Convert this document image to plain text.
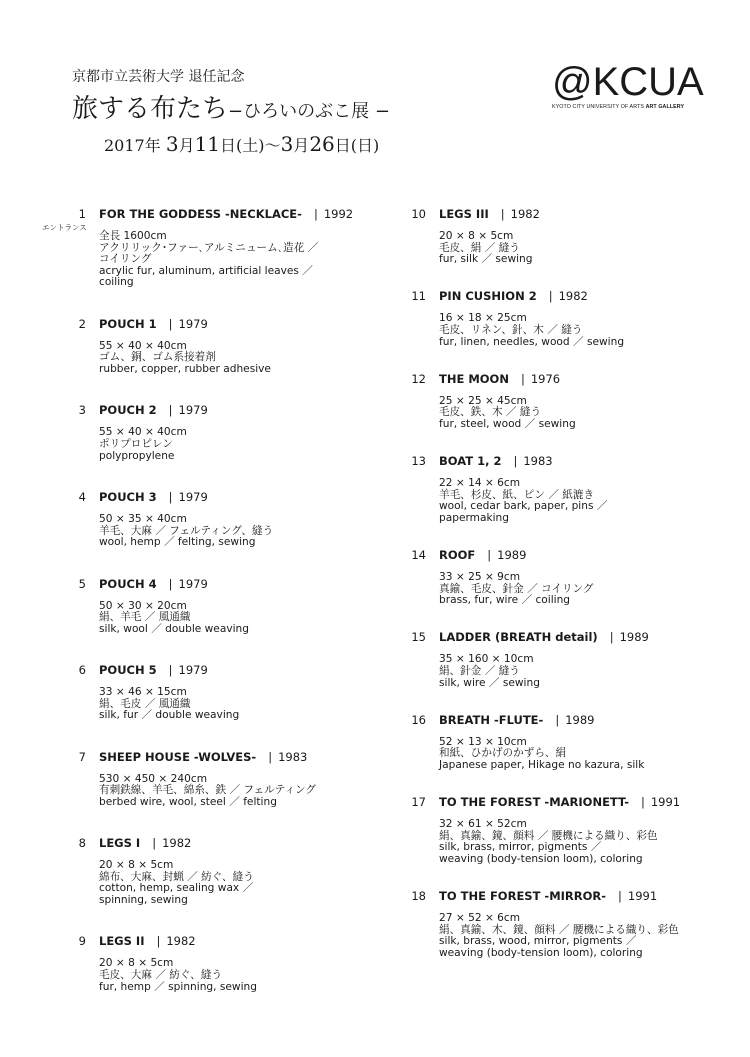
京都市立芸術大学 退任記念
旅する布たち−ひろいのぶこ展 −
2017年 3月11日(土)〜3月26日(日)
@KCUA
KYOTO CITY UNIVERSITY OF ARTS ART GALLERY
1
エントランス
FOR THE GODDESS -NECKLACE- | 1992
全長 1600cm
アクリリック･ファー､アルミニューム､造花 ／
コイリング
acrylic fur, aluminum, artificial leaves ／
coiling
2 POUCH 1 | 1979
55 × 40 × 40cm
ゴム、銅、ゴム系接着剤
rubber, copper, rubber adhesive
3 POUCH 2 | 1979
55 × 40 × 40cm
ポリプロピレン
polypropylene
4 POUCH 3 | 1979
50 × 35 × 40cm
羊毛、大麻 ／ フェルティング、縫う
wool, hemp ／ felting, sewing
5 POUCH 4 | 1979
50 × 30 × 20cm
絹、羊毛 ／ 風通織
silk, wool ／ double weaving
6 POUCH 5 | 1979
33 × 46 × 15cm
絹、毛皮 ／ 風通織
silk, fur ／ double weaving
7 SHEEP HOUSE -WOLVES- | 1983
530 × 450 × 240cm
有刺鉄線、羊毛、綿糸、鉄 ／ フェルティング
berbed wire, wool, steel ／ felting
8 LEGS I | 1982
20 × 8 × 5cm
綿布、大麻、封蝋 ／ 紡ぐ、縫う
cotton, hemp, sealing wax ／
spinning, sewing
9 LEGS II | 1982
20 × 8 × 5cm
毛皮、大麻 ／ 紡ぐ、縫う
fur, hemp ／ spinning, sewing
10 LEGS III | 1982
20 × 8 × 5cm
毛皮、絹 ／ 縫う
fur, silk ／ sewing
11 PIN CUSHION 2 | 1982
16 × 18 × 25cm
毛皮、リネン、針、木 ／ 縫う
fur, linen, needles, wood ／ sewing
12 THE MOON | 1976
25 × 25 × 45cm
毛皮、鉄、木 ／ 縫う
fur, steel, wood ／ sewing
13 BOAT 1, 2 | 1983
22 × 14 × 6cm
羊毛、杉皮、紙、ピン ／ 紙漉き
wool, cedar bark, paper, pins ／
papermaking
14 ROOF | 1989
33 × 25 × 9cm
真鍮、毛皮、針金 ／ コイリング
brass, fur, wire ／ coiling
15 LADDER (BREATH detail) | 1989
35 × 160 × 10cm
絹、針金 ／ 縫う
silk, wire ／ sewing
16 BREATH -FLUTE- | 1989
52 × 13 × 10cm
和紙、ひかげのかずら、絹
Japanese paper, Hikage no kazura, silk
17 TO THE FOREST -MARIONETT- | 1991
32 × 61 × 52cm
絹、真鍮、鏡、顔料 ／ 腰機による織り、彩色
silk, brass, mirror, pigments ／
weaving (body-tension loom), coloring
18 TO THE FOREST -MIRROR- | 1991
27 × 52 × 6cm
絹、真鍮、木、鏡、顔料 ／ 腰機による織り、彩色
silk, brass, wood, mirror, pigments ／
weaving (body-tension loom), coloring
